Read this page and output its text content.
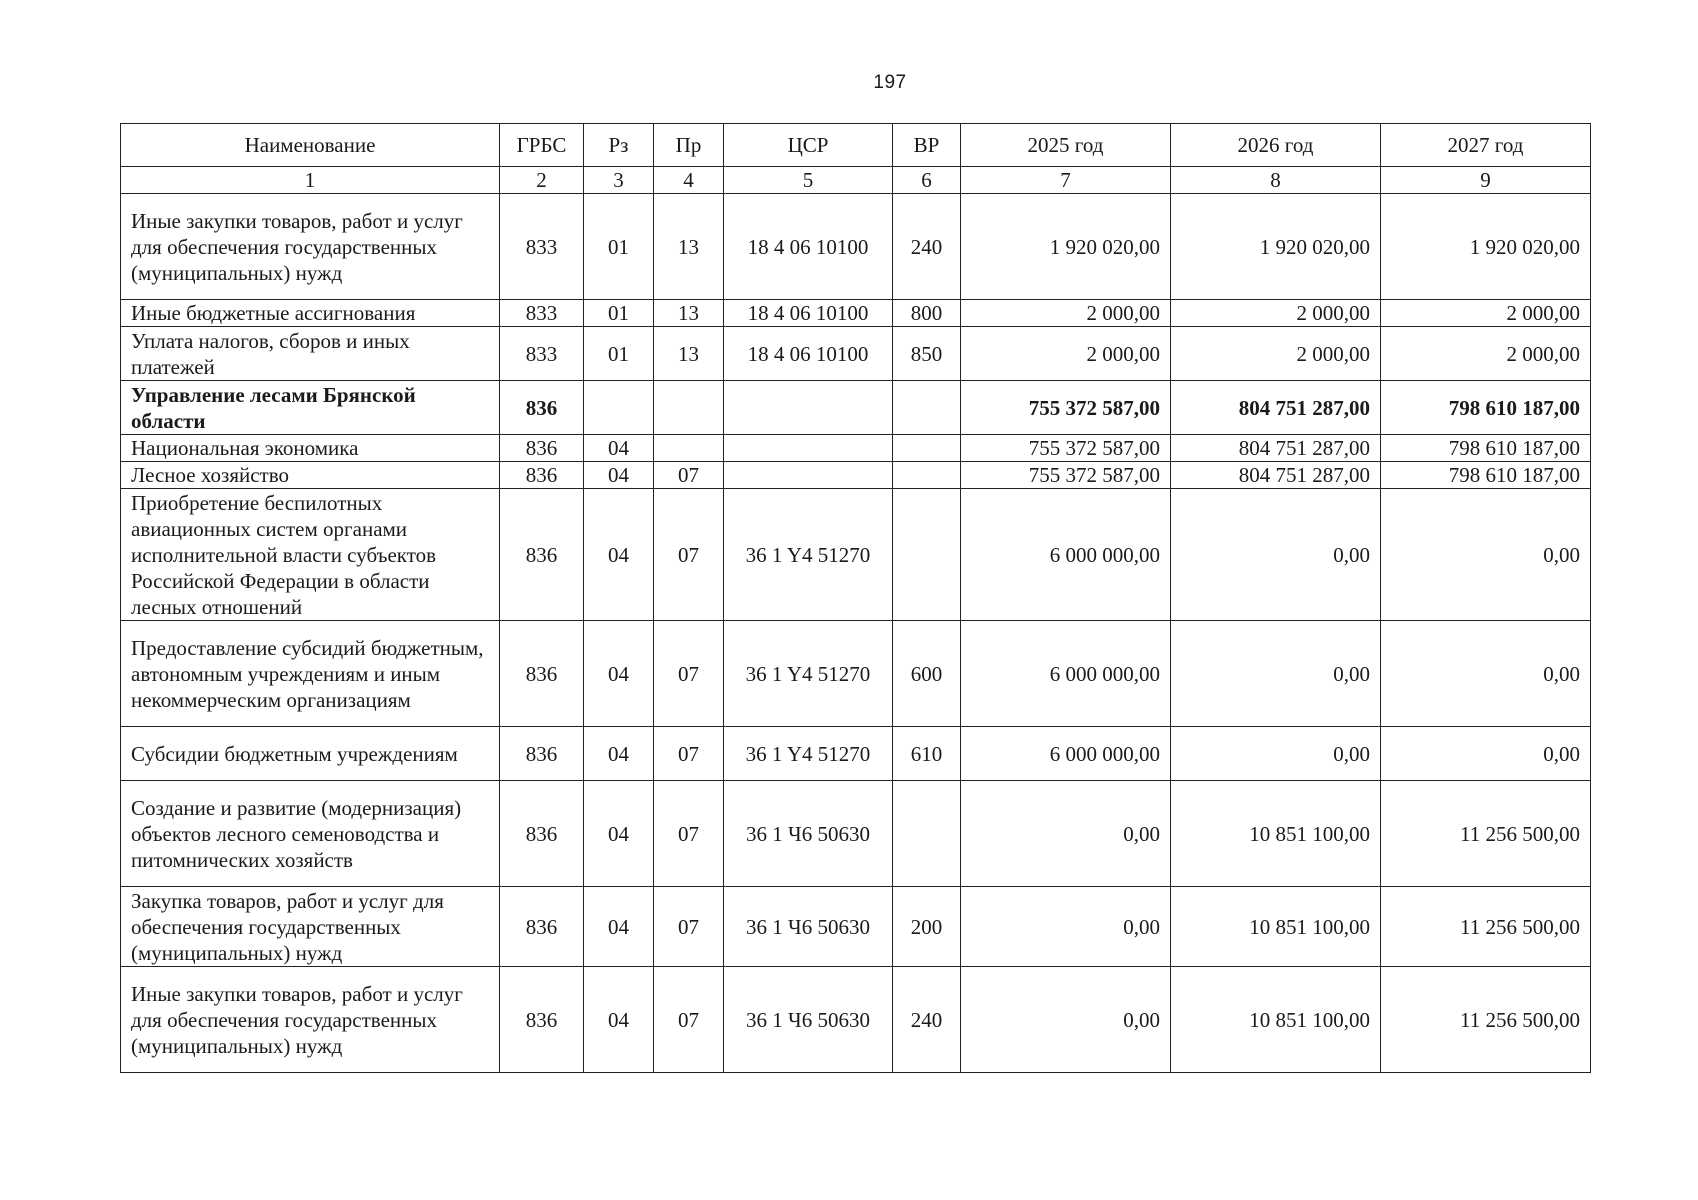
197
Наименование	ГРБС	Рз	Пр	ЦСР	ВР	2025 год	2026 год	2027 год
1	2	3	4	5	6	7	8	9
Иные закупки товаров, работ и услуг для обеспечения государственных (муниципальных) нужд	833	01	13	18 4 06 10100	240	1 920 020,00	1 920 020,00	1 920 020,00
Иные бюджетные ассигнования	833	01	13	18 4 06 10100	800	2 000,00	2 000,00	2 000,00
Уплата налогов, сборов и иных платежей	833	01	13	18 4 06 10100	850	2 000,00	2 000,00	2 000,00
Управление лесами Брянской области	836					755 372 587,00	804 751 287,00	798 610 187,00
Национальная экономика	836	04				755 372 587,00	804 751 287,00	798 610 187,00
Лесное хозяйство	836	04	07			755 372 587,00	804 751 287,00	798 610 187,00
Приобретение беспилотных авиационных систем органами исполнительной власти субъектов Российской Федерации в области лесных отношений	836	04	07	36 1 Y4 51270		6 000 000,00	0,00	0,00
Предоставление субсидий бюджетным, автономным учреждениям и иным некоммерческим организациям	836	04	07	36 1 Y4 51270	600	6 000 000,00	0,00	0,00
Субсидии бюджетным учреждениям	836	04	07	36 1 Y4 51270	610	6 000 000,00	0,00	0,00
Создание и развитие (модернизация) объектов лесного семеноводства и питомнических хозяйств	836	04	07	36 1 Ч6 50630		0,00	10 851 100,00	11 256 500,00
Закупка товаров, работ и услуг для обеспечения государственных (муниципальных) нужд	836	04	07	36 1 Ч6 50630	200	0,00	10 851 100,00	11 256 500,00
Иные закупки товаров, работ и услуг для обеспечения государственных (муниципальных) нужд	836	04	07	36 1 Ч6 50630	240	0,00	10 851 100,00	11 256 500,00
